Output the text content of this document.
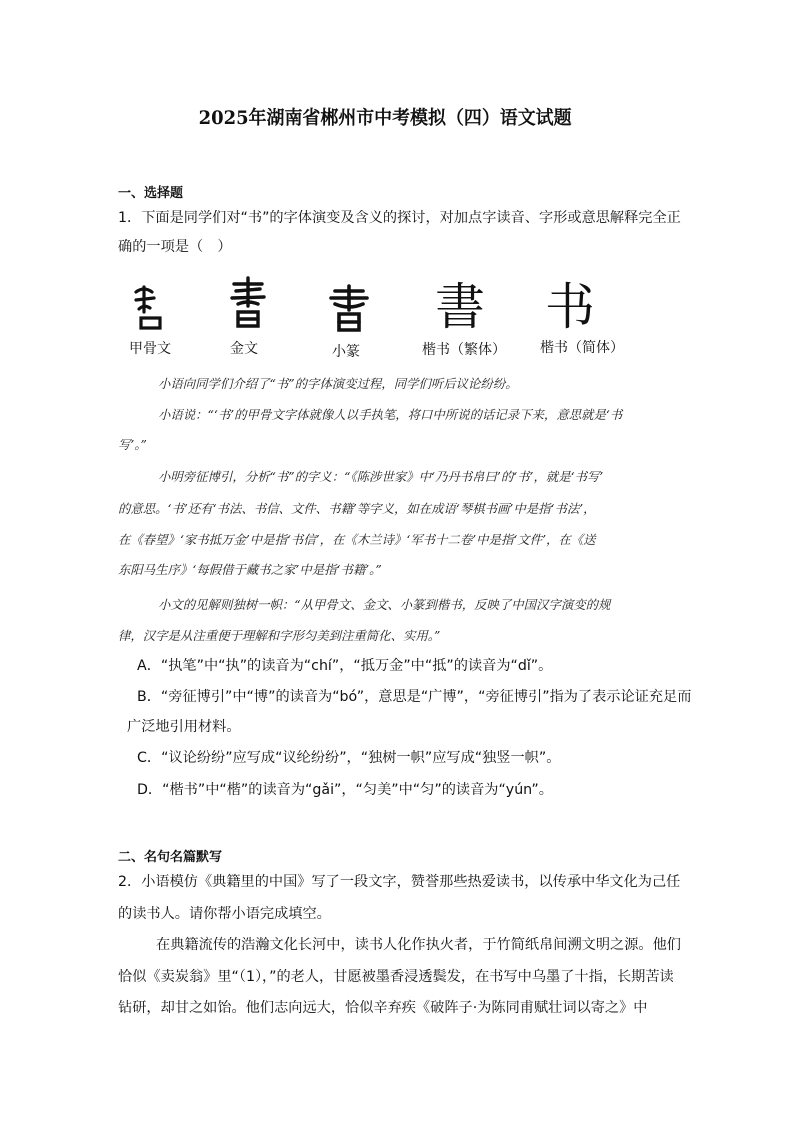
2025年湖南省郴州市中考模拟（四）语文试题
一、选择题
1．下面是同学们对“书”的字体演变及含义的探讨，对加点字读音、字形或意思解释完全正
确的一项是（　）
書	书
甲骨文	金文	小篆	楷书（繁体）	楷书（简体）
小语向同学们介绍了“书”的字体演变过程，同学们听后议论纷纷。
小语说：“‘书’的甲骨文字体就像人以手执笔，将口中所说的话记录下来，意思就是‘书
写’。”
小明旁征博引，分析“书”的字义：“《陈涉世家》中‘乃丹书帛曰’的‘书’，就是‘书写’
的意思。‘书’还有‘书法、书信、文件、书籍’等字义，如在成语‘琴棋书画’中是指‘书法’，
在《春望》‘家书抵万金’中是指‘书信’，在《木兰诗》‘军书十二卷’中是指‘文件’，在《送
东阳马生序》‘每假借于藏书之家’中是指‘书籍’。”
小文的见解则独树一帜：“从甲骨文、金文、小篆到楷书，反映了中国汉字演变的规
律，汉字是从注重便于理解和字形匀美到注重简化、实用。”
A．“执笔”中“执”的读音为“chí”，“抵万金”中“抵”的读音为“dǐ”。
B．“旁征博引”中“博”的读音为“bó”，意思是“广博”，“旁征博引”指为了表示论证充足而
广泛地引用材料。
C．“议论纷纷”应写成“议纶纷纷”，“独树一帜”应写成“独竖一帜”。
D．“楷书”中“楷”的读音为“gǎi”，“匀美”中“匀”的读音为“yún”。
二、名句名篇默写
2．小语模仿《典籍里的中国》写了一段文字，赞誉那些热爱读书，以传承中华文化为己任
的读书人。请你帮小语完成填空。
在典籍流传的浩瀚文化长河中，读书人化作执火者，于竹简纸帛间溯文明之源。他们
恰似《卖炭翁》里“（1），”的老人，甘愿被墨香浸透鬓发，在书写中乌墨了十指，长期苦读
钻研，却甘之如饴。他们志向远大，恰似辛弃疾《破阵子·为陈同甫赋壮词以寄之》中
